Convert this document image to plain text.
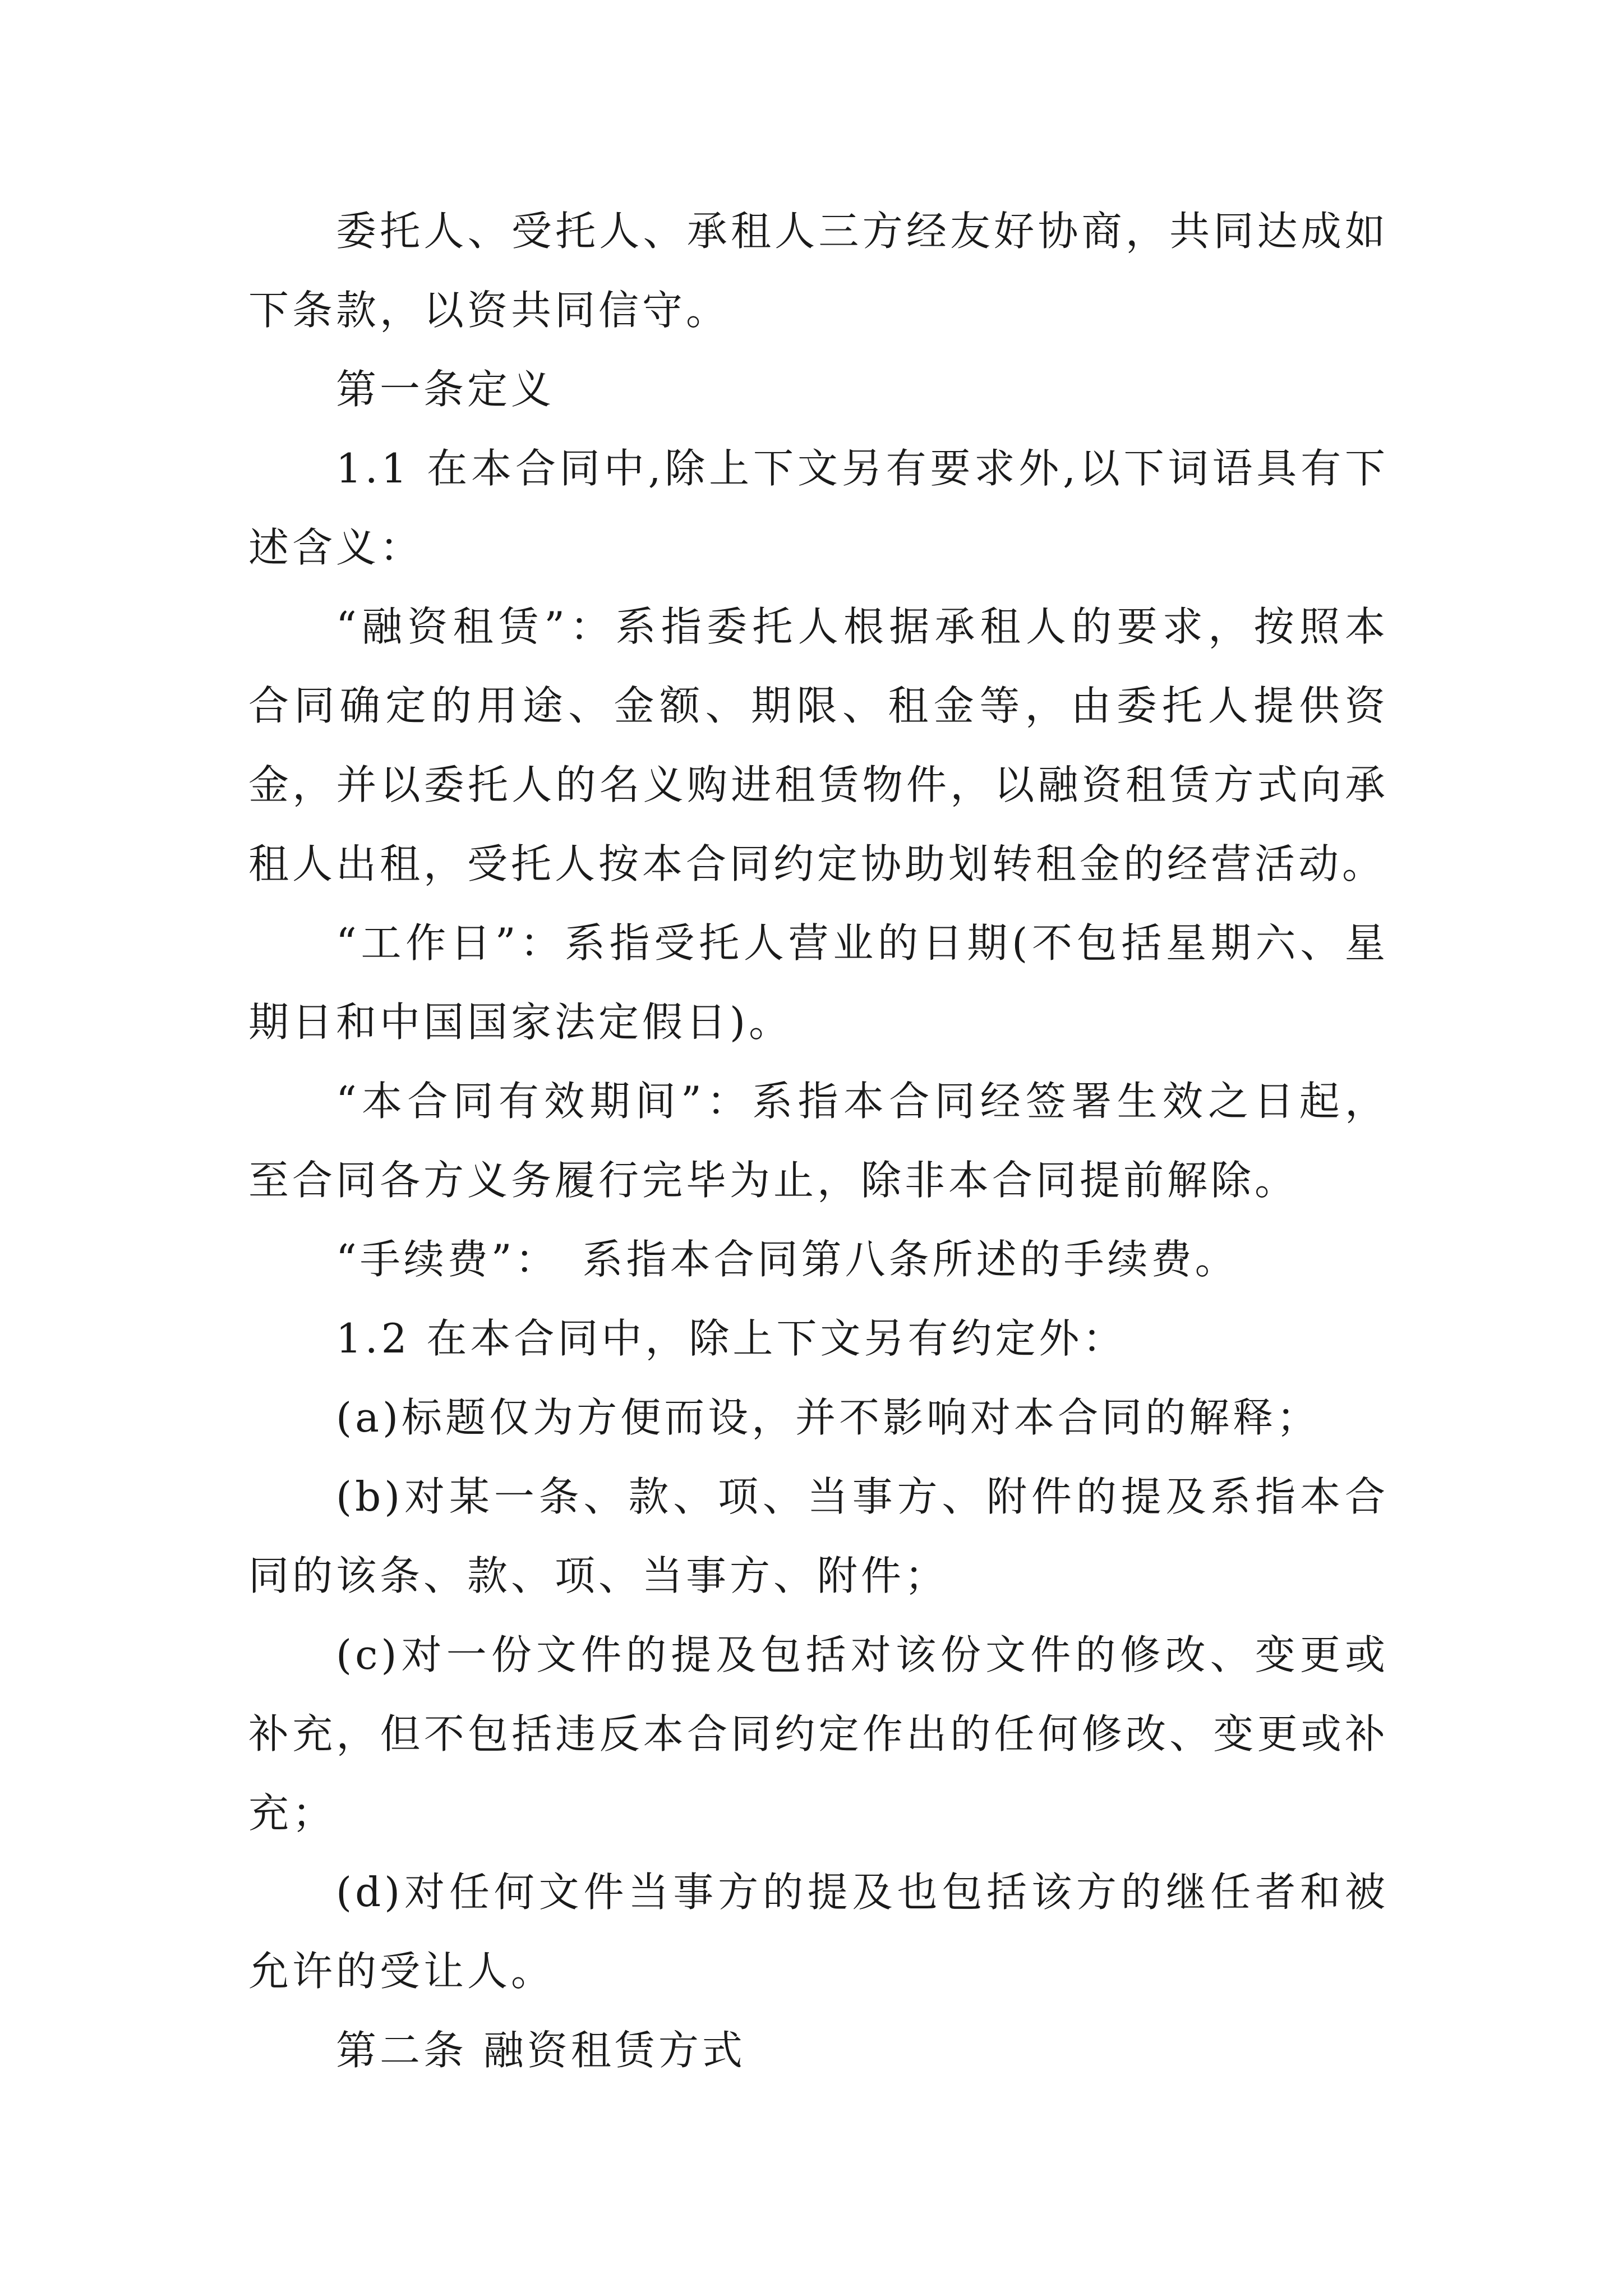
委托人、受托人、承租人三方经友好协商，共同达成如下条款，以资共同信守。

第一条定义

1.1 在本合同中,除上下文另有要求外,以下词语具有下述含义：

“融资租赁”：系指委托人根据承租人的要求，按照本合同确定的用途、金额、期限、租金等，由委托人提供资金，并以委托人的名义购进租赁物件，以融资租赁方式向承租人出租，受托人按本合同约定协助划转租金的经营活动。

“工作日”：系指受托人营业的日期(不包括星期六、星期日和中国国家法定假日)。

“本合同有效期间”：系指本合同经签署生效之日起，至合同各方义务履行完毕为止，除非本合同提前解除。

“手续费”：　系指本合同第八条所述的手续费。

1.2 在本合同中，除上下文另有约定外：

(a)标题仅为方便而设，并不影响对本合同的解释；

(b)对某一条、款、项、当事方、附件的提及系指本合同的该条、款、项、当事方、附件；

(c)对一份文件的提及包括对该份文件的修改、变更或补充，但不包括违反本合同约定作出的任何修改、变更或补充；

(d)对任何文件当事方的提及也包括该方的继任者和被允许的受让人。

第二条 融资租赁方式
